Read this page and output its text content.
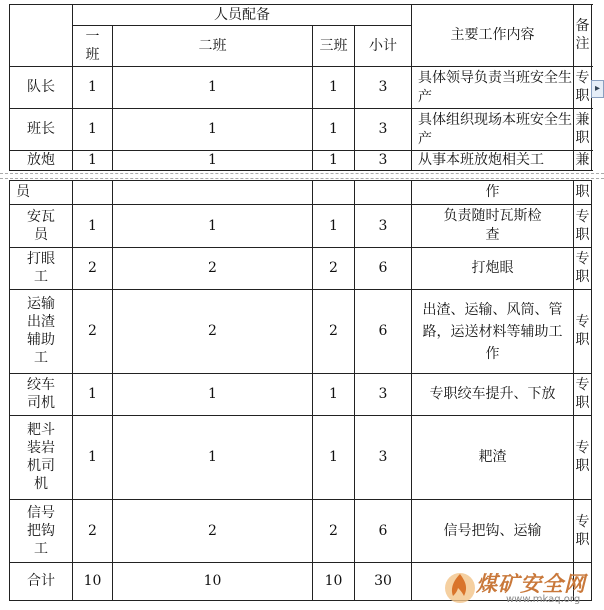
	人员配备				主要工作内容	备注
	一班	二班	三班	小计		
队长	1	1	1	3	具体领导负责当班安全生产	专职
班长	1	1	1	3	具体组织现场本班安全生产	兼职
放炮	1	1	1	3	从事本班放炮相关工	兼
▸
员					作	职
安瓦员	1	1	1	3	负责随时瓦斯检查	专职
打眼工	2	2	2	6	打炮眼	专职
运输出渣辅助工	2	2	2	6	出渣、运输、风筒、管路，运送材料等辅助工作	专职
绞车司机	1	1	1	3	专职绞车提升、下放	专职
耙斗装岩机司机	1	1	1	3	耙渣	专职
信号把钩工	2	2	2	6	信号把钩、运输	专职
合计	10	10	10	30			煤矿安全网
www.mkaq.org
